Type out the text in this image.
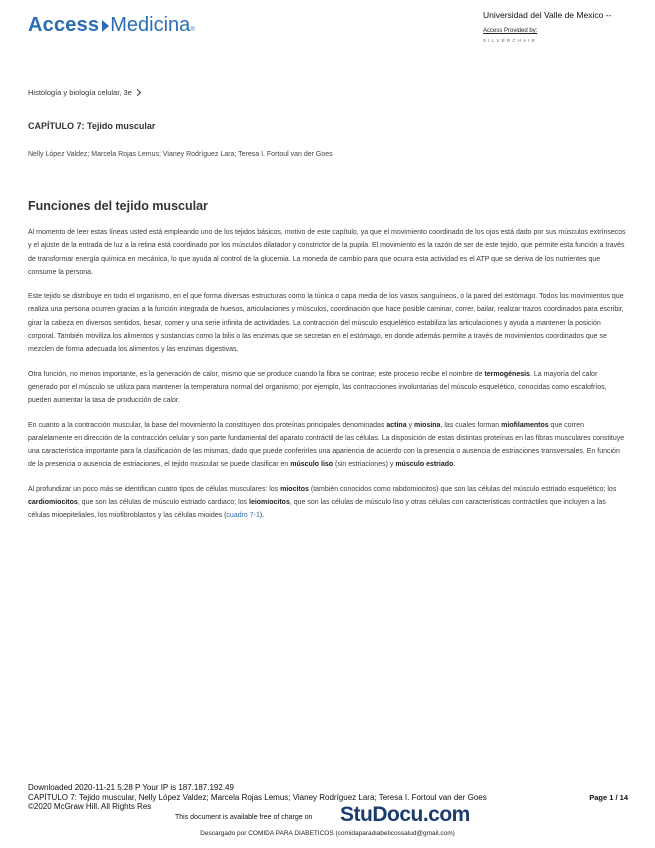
Access Medicina ®
Universidad del Valle de Mexico --
Access Provided by:
S I L V E R C H A I R
Histología y biología celular, 3e
CAPÍTULO 7: Tejido muscular
Nelly López Valdez; Marcela Rojas Lemus; Vianey Rodríguez Lara; Teresa I. Fortoul van der Goes
Funciones del tejido muscular

Al momento de leer estas líneas usted está empleando uno de los tejidos básicos, motivo de este capítulo, ya que el movimiento coordinado de los ojos está dado por sus músculos extrínsecos y el ajuste de la entrada de luz a la retina está coordinado por los músculos dilatador y constrictor de la pupila. El movimiento es la razón de ser de este tejido, que permite esta función a través de transformar energía química en mecánica, lo que ayuda al control de la glucemia. La moneda de cambio para que ocurra esta actividad es el ATP que se deriva de los nutrientes que consume la persona.

Este tejido se distribuye en todo el organismo, en el que forma diversas estructuras como la túnica o capa media de los vasos sanguíneos, o la pared del estómago. Todos los movimientos que realiza una persona ocurren gracias a la función integrada de huesos, articulaciones y músculos, coordinación que hace posible caminar, correr, bailar, realizar trazos coordinados para escribir, girar la cabeza en diversos sentidos, besar, comer y una serie infinita de actividades. La contracción del músculo esquelético estabiliza las articulaciones y ayuda a mantener la posición corporal. También moviliza los alimentos y sustancias como la bilis o las enzimas que se secretan en el estómago, en donde además permite a través de movimientos coordinados que se mezclen de forma adecuada los alimentos y las enzimas digestivas.

Otra función, no menos importante, es la generación de calor, mismo que se produce cuando la fibra se contrae; este proceso recibe el nombre de termogénesis. La mayoría del calor generado por el músculo se utiliza para mantener la temperatura normal del organismo; por ejemplo, las contracciones involuntarias del músculo esquelético, conocidas como escalofríos, pueden aumentar la tasa de producción de calor.

En cuanto a la contracción muscular, la base del movimiento la constituyen dos proteínas principales denominadas actina y miosina, las cuales forman miofilamentos que corren paralelamente en dirección de la contracción celular y son parte fundamental del aparato contráctil de las células. La disposición de estas distintas proteínas en las fibras musculares constituye una característica importante para la clasificación de las mismas, dado que puede conferirles una apariencia de acuerdo con la presencia o ausencia de estriaciones transversales. En función de la presencia o ausencia de estriaciones, el tejido muscular se puede clasificar en músculo liso (sin estriaciones) y músculo estriado.

Al profundizar un poco más se identifican cuatro tipos de células musculares: los miocitos (también conocidos como rabdomiocitos) que son las células del músculo estriado esquelético; los cardiomiocitos, que son las células de músculo estriado cardiaco; los leiomiocitos, que son las células de músculo liso y otras células con características contráctiles que incluyen a las células mioepiteliales, los miofibroblastos y las células mioides (cuadro 7-1).

Downloaded 2020-11-21 5:28 P Your IP is 187.187.192.49
CAPÍTULO 7: Tejido muscular, Nelly López Valdez; Marcela Rojas Lemus; Vianey Rodríguez Lara; Teresa I. Fortoul van der Goes	Page 1 / 14
©2020 McGraw Hill. All Rights Res
This document is available free of charge on StuDocu.com
Descargado por COMIDA PARA DIABETICOS (comidaparadiabeticossalud@gmail.com)
